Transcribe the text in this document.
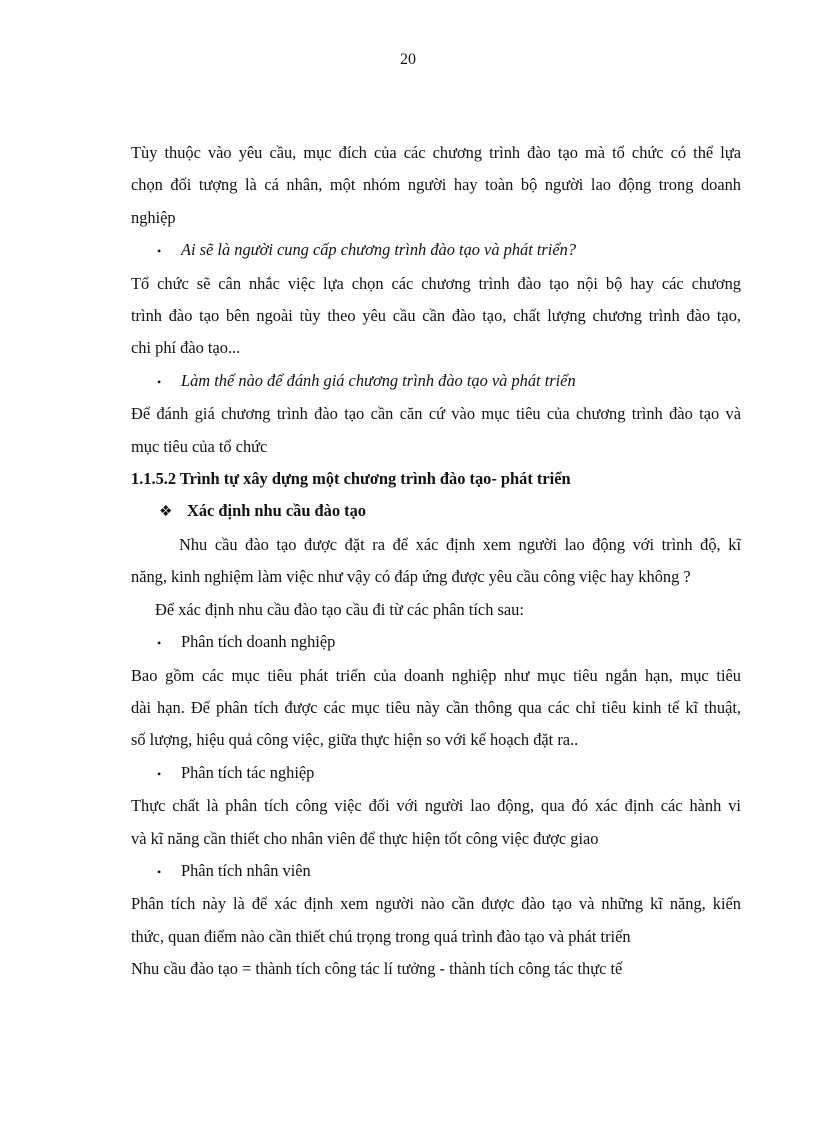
20

Tùy thuộc vào yêu cầu, mục đích của các chương trình đào tạo mà tổ chức có thể lựa
chọn đối tượng là cá nhân, một nhóm người hay toàn bộ người lao động trong doanh
nghiệp

•	Ai sẽ là người cung cấp chương trình đào tạo và phát triển?

Tổ chức sẽ cân nhắc việc lựa chọn các chương trình đào tạo nội bộ hay các chương
trình đào tạo bên ngoài tùy theo yêu cầu cần đào tạo, chất lượng chương trình đào tạo,
chi phí đào tạo...

•	Làm thế nào để đánh giá chương trình đào tạo và phát triển

Để đánh giá chương trình đào tạo cần căn cứ vào mục tiêu của chương trình đào tạo và
mục tiêu của tổ chức

1.1.5.2 Trình tự xây dựng một chương trình đào tạo- phát triển

❖ Xác định nhu cầu đào tạo

Nhu cầu đào tạo được đặt ra để xác định xem người lao động với trình độ, kĩ
năng, kinh nghiệm làm việc như vậy có đáp ứng được yêu cầu công việc hay không ?

Để xác định nhu cầu đào tạo cầu đi từ các phân tích sau:

•	Phân tích doanh nghiệp

Bao gồm các mục tiêu phát triển của doanh nghiệp như mục tiêu ngắn hạn, mục tiêu
dài hạn. Để phân tích được các mục tiêu này cần thông qua các chỉ tiêu kinh tế kĩ thuật,
số lượng, hiệu quả công việc, giữa thực hiện so với kế hoạch đặt ra..

•	Phân tích tác nghiệp

Thực chất là phân tích công việc đối với người lao động, qua đó xác định các hành vi
và kĩ năng cần thiết cho nhân viên để thực hiện tốt công việc được giao

•	Phân tích nhân viên

Phân tích này là để xác định xem người nào cần được đào tạo và những kĩ năng, kiến
thức, quan điểm nào cần thiết chú trọng trong quá trình đào tạo và phát triển

Nhu cầu đào tạo = thành tích công tác lí tưởng - thành tích công tác thực tế
